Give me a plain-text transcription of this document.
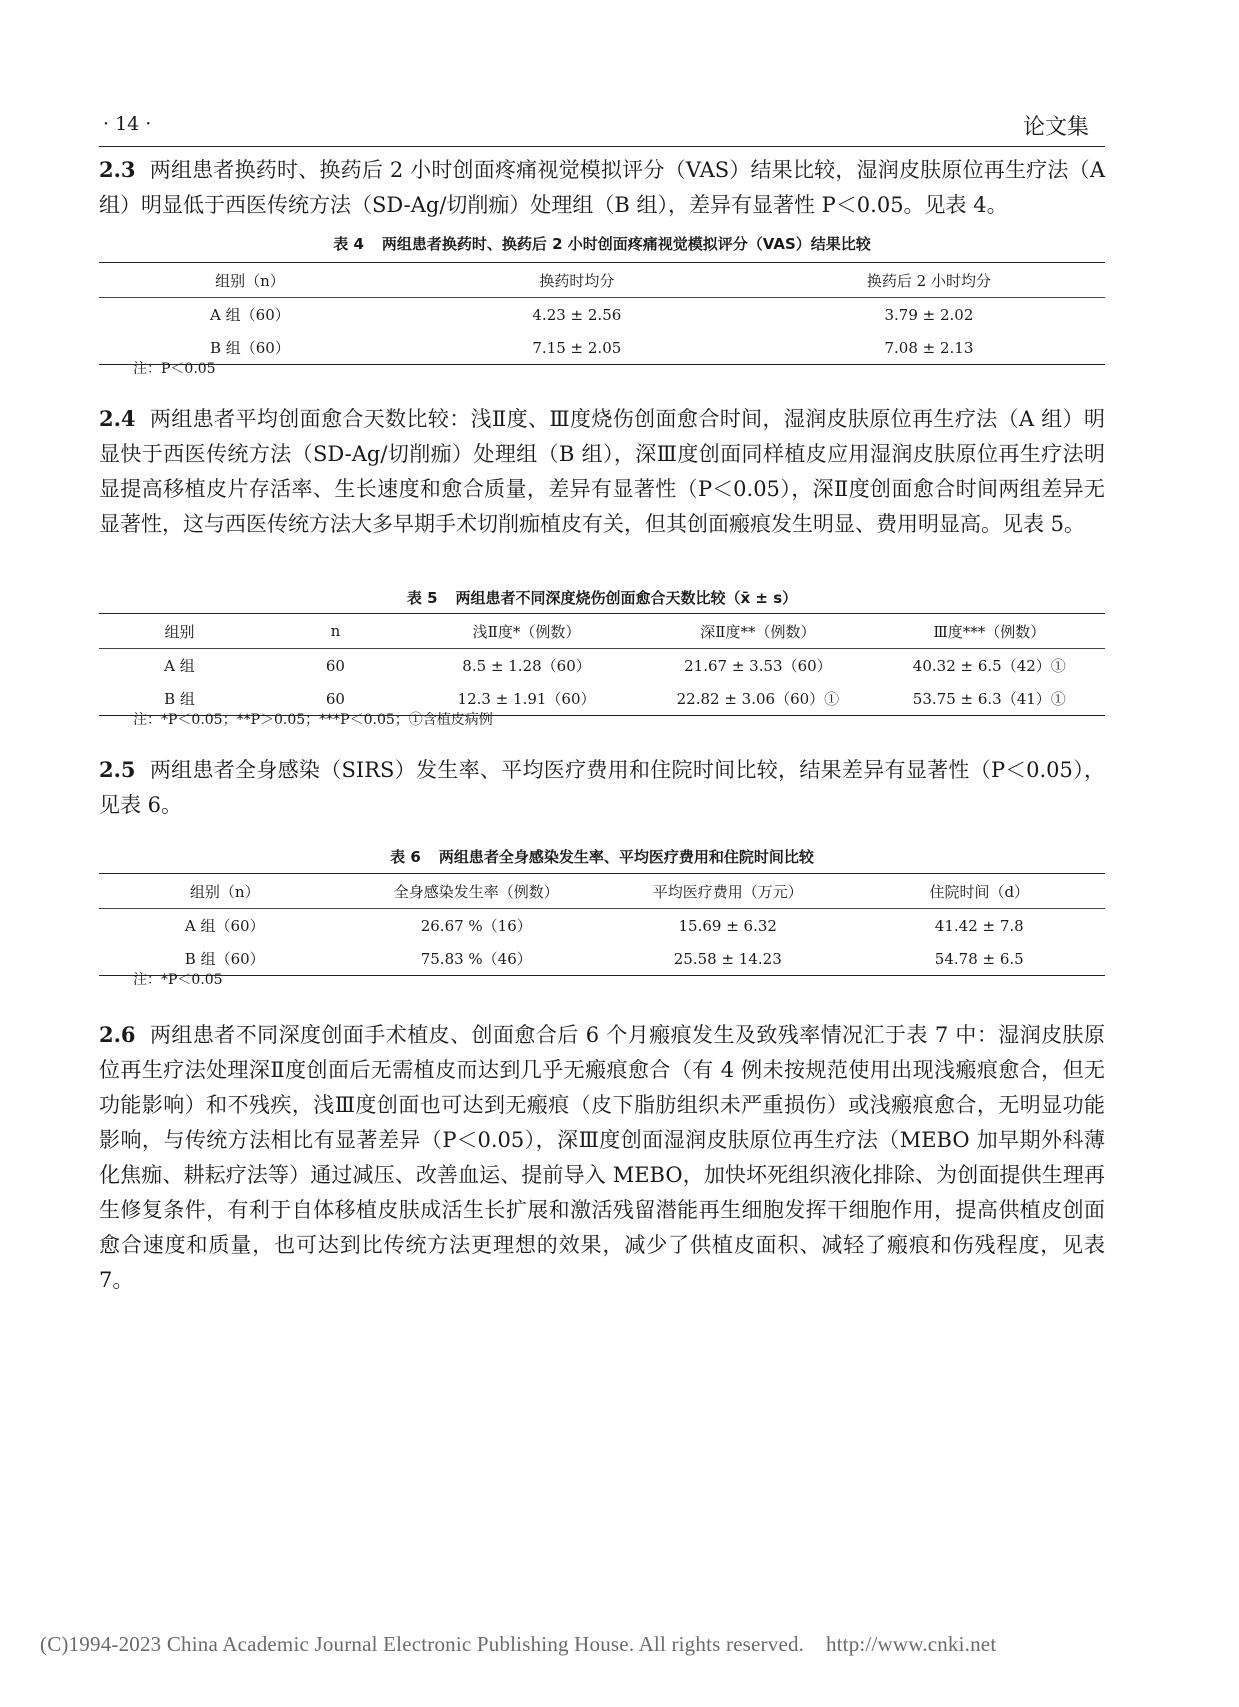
· 14 ·	论文集

2.3 两组患者换药时、换药后 2 小时创面疼痛视觉模拟评分（VAS）结果比较，湿润皮肤原位再生疗法（A 组）明显低于西医传统方法（SD-Ag/切削痂）处理组（B 组），差异有显著性 P＜0.05。见表 4。

表 4 两组患者换药时、换药后 2 小时创面疼痛视觉模拟评分（VAS）结果比较
组别（n）	换药时均分	换药后 2 小时均分
A 组（60）	4.23 ± 2.56	3.79 ± 2.02
B 组（60）	7.15 ± 2.05	7.08 ± 2.13
注：P＜0.05

2.4 两组患者平均创面愈合天数比较：浅Ⅱ度、Ⅲ度烧伤创面愈合时间，湿润皮肤原位再生疗法（A 组）明显快于西医传统方法（SD-Ag/切削痂）处理组（B 组），深Ⅲ度创面同样植皮应用湿润皮肤原位再生疗法明显提高移植皮片存活率、生长速度和愈合质量，差异有显著性（P＜0.05），深Ⅱ度创面愈合时间两组差异无显著性，这与西医传统方法大多早期手术切削痂植皮有关，但其创面瘢痕发生明显、费用明显高。见表 5。

表 5 两组患者不同深度烧伤创面愈合天数比较（x̄ ± s）
组别	n	浅Ⅱ度*（例数）	深Ⅱ度**（例数）	Ⅲ度***（例数）
A 组	60	8.5 ± 1.28（60）	21.67 ± 3.53（60）	40.32 ± 6.5（42）①
B 组	60	12.3 ± 1.91（60）	22.82 ± 3.06（60）①	53.75 ± 6.3（41）①
注：*P＜0.05；**P＞0.05；***P＜0.05；①含植皮病例

2.5 两组患者全身感染（SIRS）发生率、平均医疗费用和住院时间比较，结果差异有显著性（P＜0.05），见表 6。

表 6 两组患者全身感染发生率、平均医疗费用和住院时间比较
组别（n）	全身感染发生率（例数）	平均医疗费用（万元）	住院时间（d）
A 组（60）	26.67 %（16）	15.69 ± 6.32	41.42 ± 7.8
B 组（60）	75.83 %（46）	25.58 ± 14.23	54.78 ± 6.5
注：*P＜0.05

2.6 两组患者不同深度创面手术植皮、创面愈合后 6 个月瘢痕发生及致残率情况汇于表 7 中：湿润皮肤原位再生疗法处理深Ⅱ度创面后无需植皮而达到几乎无瘢痕愈合（有 4 例未按规范使用出现浅瘢痕愈合，但无功能影响）和不残疾，浅Ⅲ度创面也可达到无瘢痕（皮下脂肪组织未严重损伤）或浅瘢痕愈合，无明显功能影响，与传统方法相比有显著差异（P＜0.05），深Ⅲ度创面湿润皮肤原位再生疗法（MEBO 加早期外科薄化焦痂、耕耘疗法等）通过减压、改善血运、提前导入 MEBO，加快坏死组织液化排除、为创面提供生理再生修复条件，有利于自体移植皮肤成活生长扩展和激活残留潜能再生细胞发挥干细胞作用，提高供植皮创面愈合速度和质量，也可达到比传统方法更理想的效果，减少了供植皮面积、减轻了瘢痕和伤残程度，见表 7。

(C)1994-2023 China Academic Journal Electronic Publishing House. All rights reserved. http://www.cnki.net
